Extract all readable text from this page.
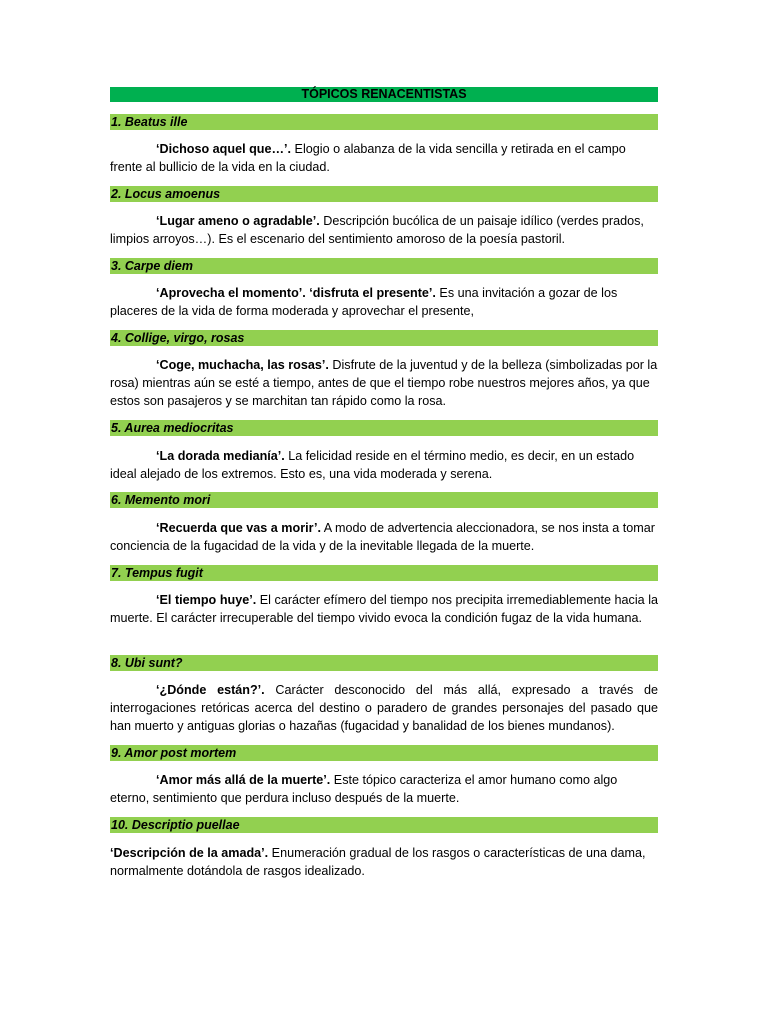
TÓPICOS RENACENTISTAS
1. Beatus ille
‘Dichoso aquel que…’. Elogio o alabanza de la vida sencilla y retirada en el campo frente al bullicio de la vida en la ciudad.
2. Locus amoenus
‘Lugar ameno o agradable’. Descripción bucólica de un paisaje idílico (verdes prados, limpios arroyos…). Es el escenario del sentimiento amoroso de la poesía pastoril.
3. Carpe diem
‘Aprovecha el momento’. ‘disfruta el presente’. Es una invitación a gozar de los placeres de la vida de forma moderada y aprovechar el presente,
4. Collige, virgo, rosas
‘Coge, muchacha, las rosas’. Disfrute de la juventud y de la belleza (simbolizadas por la rosa) mientras aún se esté a tiempo, antes de que el tiempo robe nuestros mejores años, ya que estos son pasajeros y se marchitan tan rápido como la rosa.
5. Aurea mediocritas
‘La dorada medianía’. La felicidad reside en el término medio, es decir, en un estado ideal alejado de los extremos. Esto es, una vida moderada y serena.
6. Memento mori
‘Recuerda que vas a morir’. A modo de advertencia aleccionadora, se nos insta a tomar conciencia de la fugacidad de la vida y de la inevitable llegada de la muerte.
7. Tempus fugit
‘El tiempo huye’. El carácter efímero del tiempo nos precipita irremediablemente hacia la muerte. El carácter irrecuperable del tiempo vivido evoca la condición fugaz de la vida humana.
8. Ubi sunt?
‘¿Dónde están?’. Carácter desconocido del más allá, expresado a través de interrogaciones retóricas acerca del destino o paradero de grandes personajes del pasado que han muerto y antiguas glorias o hazañas (fugacidad y banalidad de los bienes mundanos).
9. Amor post mortem
‘Amor más allá de la muerte’. Este tópico caracteriza el amor humano como algo eterno, sentimiento que perdura incluso después de la muerte.
10. Descriptio puellae
‘Descripción de la amada’. Enumeración gradual de los rasgos o características de una dama, normalmente dotándola de rasgos idealizado.
